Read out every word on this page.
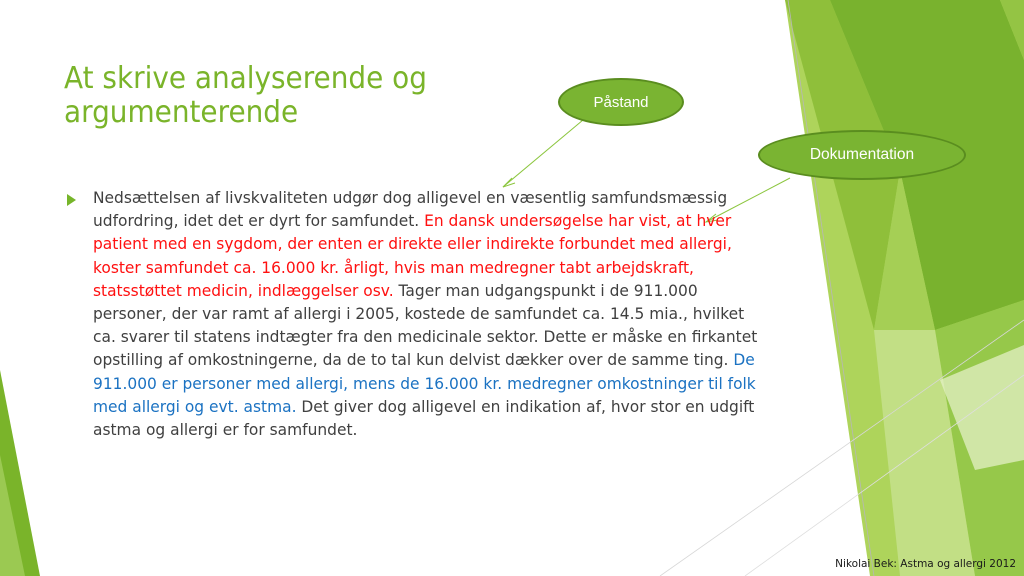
At skrive analyserende og
argumenterende	Påstand
Dokumentation

Nedsættelsen af livskvaliteten udgør dog alligevel en væsentlig samfundsmæssig udfordring, idet det er dyrt for samfundet. En dansk undersøgelse har vist, at hver patient med en sygdom, der enten er direkte eller indirekte forbundet med allergi, koster samfundet ca. 16.000 kr. årligt, hvis man medregner tabt arbejdskraft, statsstøttet medicin, indlæggelser osv. Tager man udgangspunkt i de 911.000 personer, der var ramt af allergi i 2005, kostede de samfundet ca. 14.5 mia., hvilket ca. svarer til statens indtægter fra den medicinale sektor. Dette er måske en firkantet opstilling af omkostningerne, da de to tal kun delvist dækker over de samme ting. De 911.000 er personer med allergi, mens de 16.000 kr. medregner omkostninger til folk med allergi og evt. astma. Det giver dog alligevel en indikation af, hvor stor en udgift astma og allergi er for samfundet.

Nikolai Bek: Astma og allergi 2012
